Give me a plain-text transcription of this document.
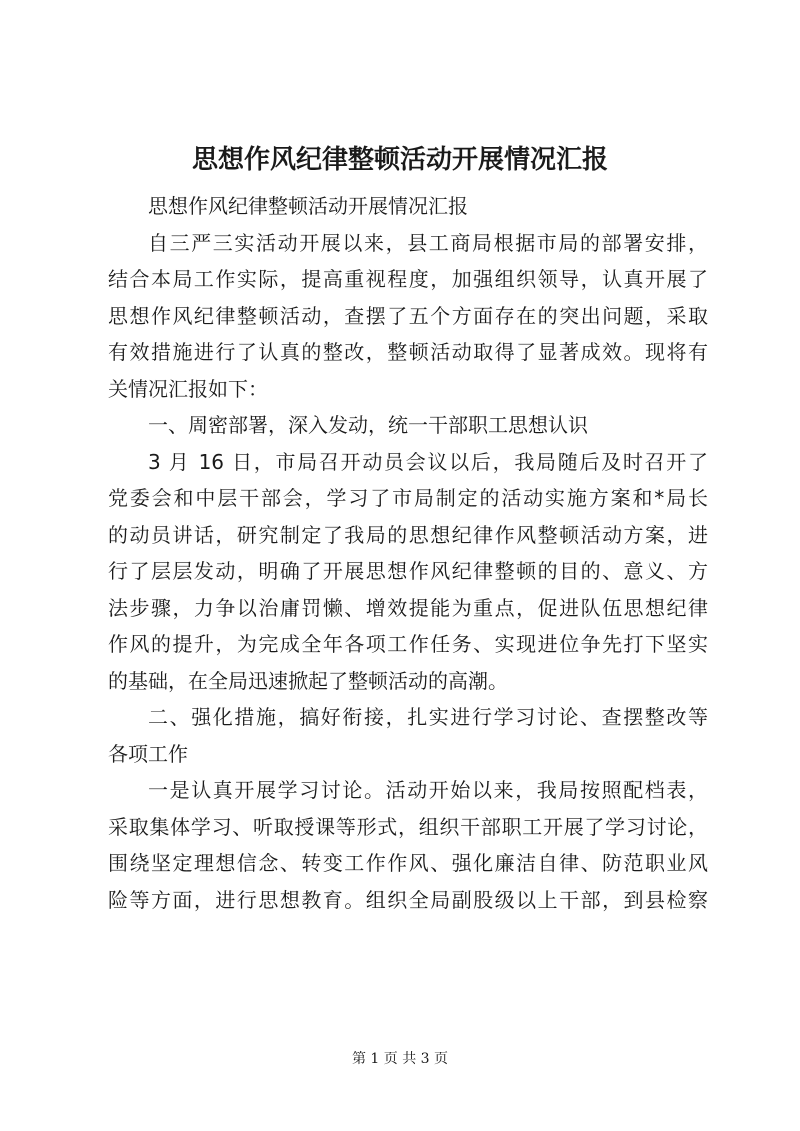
思想作风纪律整顿活动开展情况汇报
思想作风纪律整顿活动开展情况汇报
自三严三实活动开展以来，县工商局根据市局的部署安排，
结合本局工作实际，提高重视程度，加强组织领导，认真开展了
思想作风纪律整顿活动，查摆了五个方面存在的突出问题，采取
有效措施进行了认真的整改，整顿活动取得了显著成效。现将有
关情况汇报如下：
一、周密部署，深入发动，统一干部职工思想认识
3 月 16 日，市局召开动员会议以后，我局随后及时召开了
党委会和中层干部会，学习了市局制定的活动实施方案和*局长
的动员讲话，研究制定了我局的思想纪律作风整顿活动方案，进
行了层层发动，明确了开展思想作风纪律整顿的目的、意义、方
法步骤，力争以治庸罚懒、增效提能为重点，促进队伍思想纪律
作风的提升，为完成全年各项工作任务、实现进位争先打下坚实
的基础，在全局迅速掀起了整顿活动的高潮。
二、强化措施，搞好衔接，扎实进行学习讨论、查摆整改等
各项工作
一是认真开展学习讨论。活动开始以来，我局按照配档表，
采取集体学习、听取授课等形式，组织干部职工开展了学习讨论，
围绕坚定理想信念、转变工作作风、强化廉洁自律、防范职业风
险等方面，进行思想教育。组织全局副股级以上干部，到县检察
第 1 页 共 3 页
